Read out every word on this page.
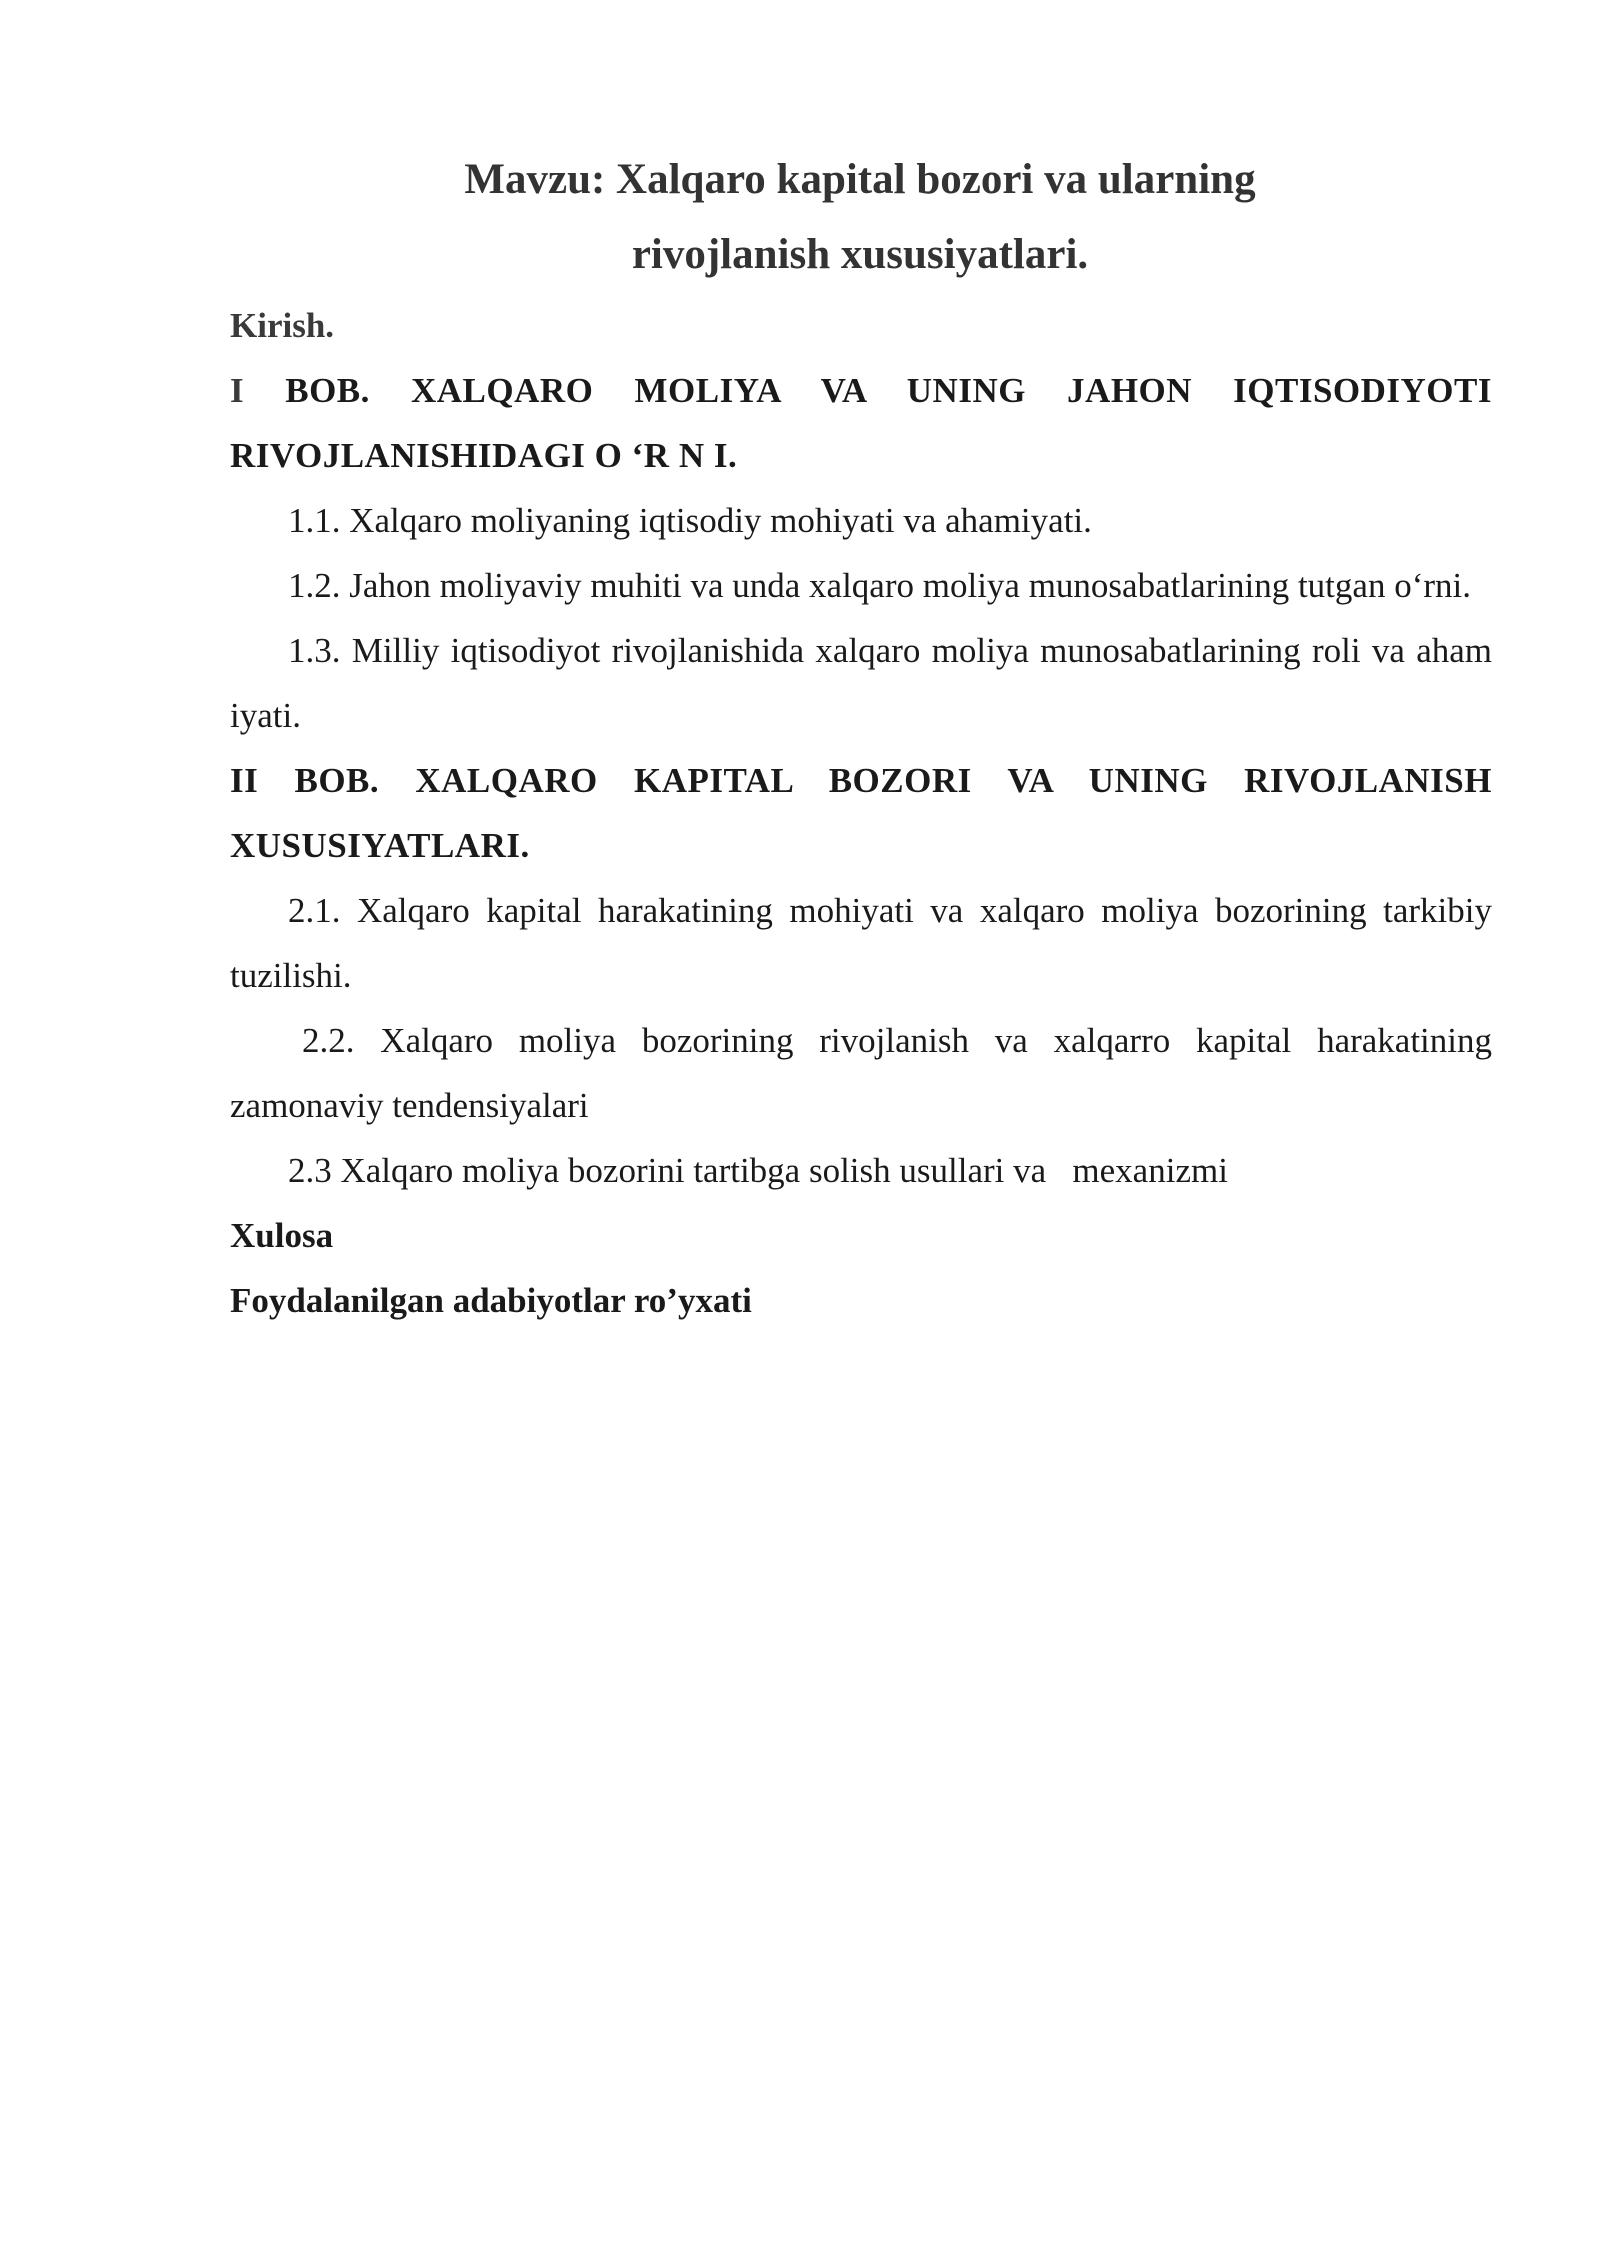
Mavzu: Xalqaro kapital bozori va ularning
rivojlanish xususiyatlari.

Kirish.

I BOB. XALQARO MOLIYA VA UNING JAHON IQTISODIYOTI RIVOJLANISHIDAGI O ‘R N I.

1.1. Xalqaro moliyaning iqtisodiy mohiyati va ahamiyati.

1.2. Jahon moliyaviy muhiti va unda xalqaro moliya munosabatlarining tutgan o‘rni.

1.3. Milliy iqtisodiyot rivojlanishida xalqaro moliya munosabatlarining roli va aham iyati.

II BOB. XALQARO KAPITAL BOZORI VA UNING RIVOJLANISH XUSUSIYATLARI.

2.1. Xalqaro kapital harakatining mohiyati va xalqaro moliya bozorining tarkibiy tuzilishi.

2.2. Xalqaro moliya bozorining rivojlanish va xalqarro kapital harakatining zamonaviy tendensiyalari

2.3 Xalqaro moliya bozorini tartibga solish usullari va   mexanizmi

Xulosa

Foydalanilgan adabiyotlar ro’yxati
